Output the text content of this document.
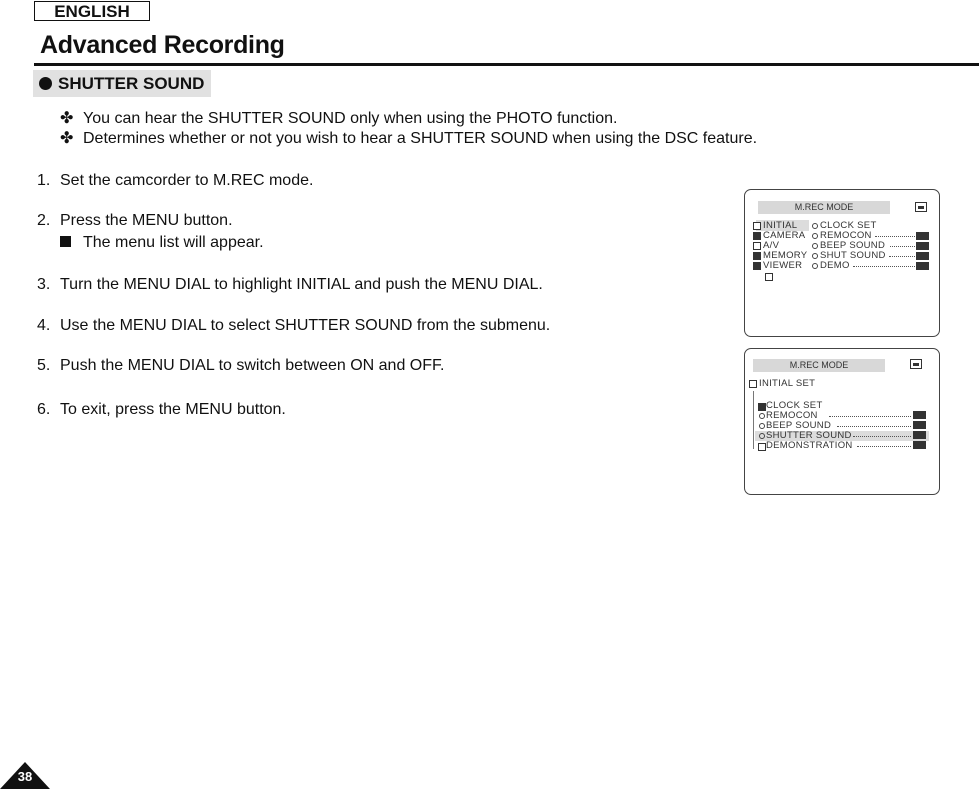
ENGLISH
Advanced Recording
SHUTTER SOUND
✤ You can hear the SHUTTER SOUND only when using the PHOTO function.
✤ Determines whether or not you wish to hear a SHUTTER SOUND when using the DSC feature.
1. Set the camcorder to M.REC mode.
2. Press the MENU button.
The menu list will appear.
3. Turn the MENU DIAL to highlight INITIAL and push the MENU DIAL.
4. Use the MENU DIAL to select SHUTTER SOUND from the submenu.
5. Push the MENU DIAL to switch between ON and OFF.
6. To exit, press the MENU button.
M.REC MODE
INITIAL
CAMERA
A/V
MEMORY
VIEWER
CLOCK SET
REMOCON
BEEP SOUND
SHUT SOUND
DEMO
M.REC MODE
INITIAL SET
CLOCK SET
REMOCON
BEEP SOUND
SHUTTER SOUND
DEMONSTRATION
38
